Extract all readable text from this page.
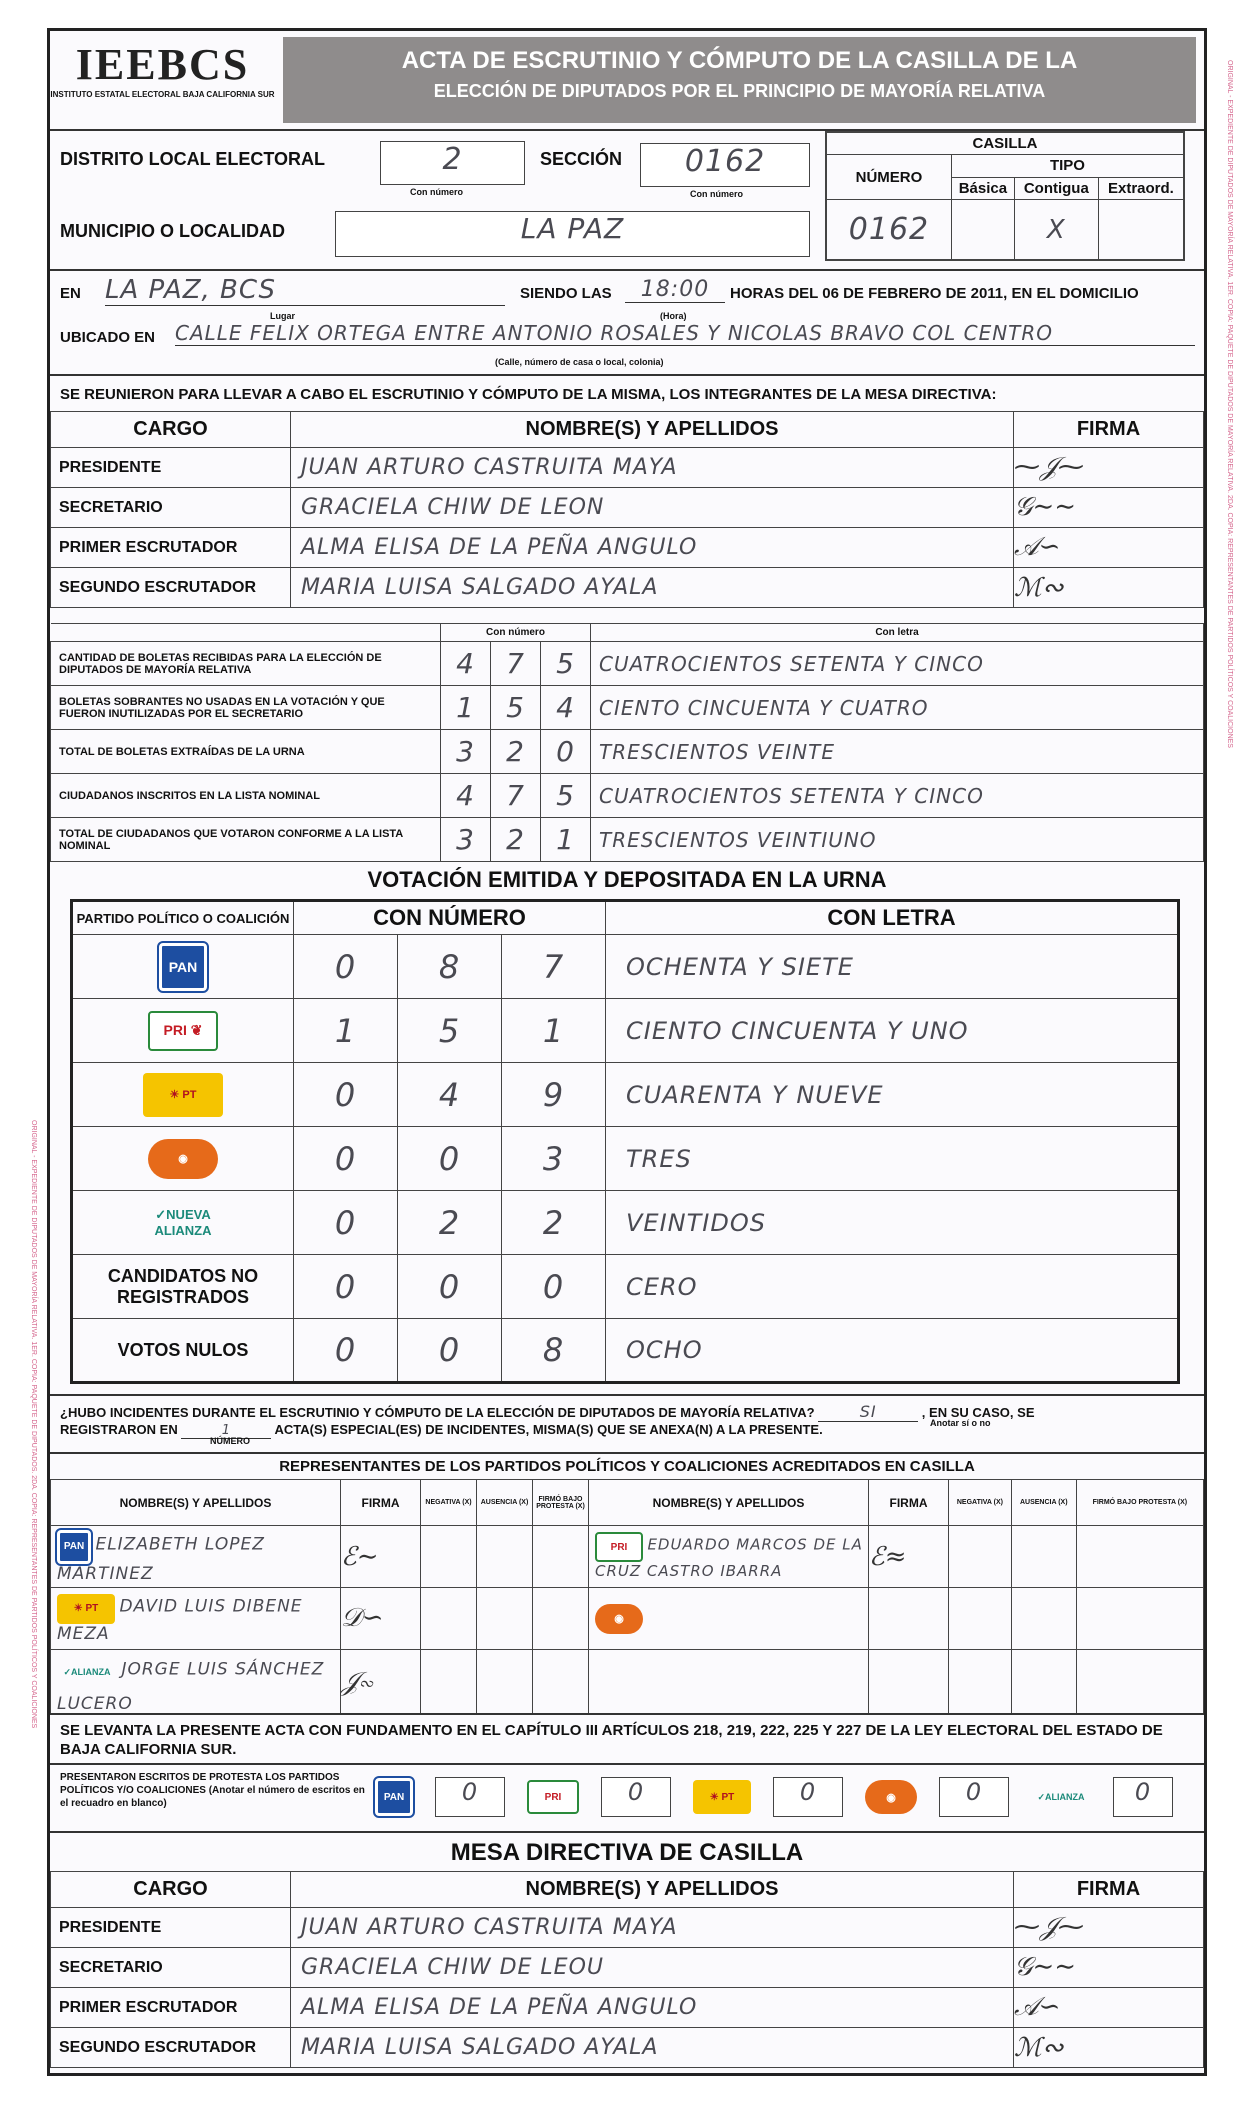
ORIGINAL - EXPEDIENTE DE DIPUTADOS DE MAYORÍA RELATIVA. 1ER. COPIA: PAQUETE DE DIPUTADOS DE MAYORÍA RELATIVA. 2DA. COPIA: REPRESENTANTES DE PARTIDOS POLÍTICOS Y COALICIONES
ORIGINAL - EXPEDIENTE DE DIPUTADOS DE MAYORÍA RELATIVA. 1ER. COPIA: PAQUETE DE DIPUTADOS. 2DA. COPIA: REPRESENTANTES DE PARTIDOS POLÍTICOS Y COALICIONES
IEEBCS
INSTITUTO ESTATAL ELECTORAL BAJA CALIFORNIA SUR
ACTA DE ESCRUTINIO Y CÓMPUTO DE LA CASILLA DE LA
ELECCIÓN DE DIPUTADOS POR EL PRINCIPIO DE MAYORÍA RELATIVA
DISTRITO LOCAL ELECTORAL	2
Con número
SECCIÓN	0162
Con número
MUNICIPIO O LOCALIDAD	LA PAZ
CASILLA			
NÚMERO	TIPO		
	Básica	Contigua	Extraord.
0162		X	
EN LA PAZ, BCS
Lugar
SIENDO LAS	18:00
(Hora)
HORAS DEL 06 DE FEBRERO DE 2011, EN EL DOMICILIO
UBICADO EN CALLE FELIX ORTEGA ENTRE ANTONIO ROSALES Y NICOLAS BRAVO COL CENTRO
(Calle, número de casa o local, colonia)
SE REUNIERON PARA LLEVAR A CABO EL ESCRUTINIO Y CÓMPUTO DE LA MISMA, LOS INTEGRANTES DE LA MESA DIRECTIVA:
CARGO	NOMBRE(S) Y APELLIDOS	FIRMA
PRESIDENTE	JUAN ARTURO CASTRUITA MAYA	⁓𝒥⁓
SECRETARIO	GRACIELA CHIW DE LEON	𝒢∼∼
PRIMER ESCRUTADOR	ALMA ELISA DE LA PEÑA ANGULO	𝒜∽
SEGUNDO ESCRUTADOR	MARIA LUISA SALGADO AYALA	ℳ∾
	Con número			Con letra
CANTIDAD DE BOLETAS RECIBIDAS PARA LA ELECCIÓN DE DIPUTADOS DE MAYORÍA RELATIVA	4	7	5	CUATROCIENTOS SETENTA Y CINCO
BOLETAS SOBRANTES NO USADAS EN LA VOTACIÓN Y QUE FUERON INUTILIZADAS POR EL SECRETARIO	1	5	4	CIENTO CINCUENTA Y CUATRO
TOTAL DE BOLETAS EXTRAÍDAS DE LA URNA	3	2	0	TRESCIENTOS VEINTE
CIUDADANOS INSCRITOS EN LA LISTA NOMINAL	4	7	5	CUATROCIENTOS SETENTA Y CINCO
TOTAL DE CIUDADANOS QUE VOTARON CONFORME A LA LISTA NOMINAL	3	2	1	TRESCIENTOS VEINTIUNO
VOTACIÓN EMITIDA Y DEPOSITADA EN LA URNA
PARTIDO POLÍTICO O COALICIÓN	CON NÚMERO			CON LETRA
PAN	0	8	7	OCHENTA Y SIETE
PRI ❦	1	5	1	CIENTO CINCUENTA Y UNO
☀ PT	0	4	9	CUARENTA Y NUEVE
◉	0	0	3	TRES
✓NUEVA ALIANZA	0	2	2	VEINTIDOS
CANDIDATOS NO REGISTRADOS	0	0	0	CERO
VOTOS NULOS	0	0	8	OCHO
¿HUBO INCIDENTES DURANTE EL ESCRUTINIO Y CÓMPUTO DE LA ELECCIÓN DE DIPUTADOS DE MAYORÍA RELATIVA?	SI	, EN SU CASO, SE
REGISTRARON EN	1	ACTA(S) ESPECIAL(ES) DE INCIDENTES, MISMA(S) QUE SE ANEXA(N) A LA PRESENTE.	Anotar sí o no
NÚMERO
REPRESENTANTES DE LOS PARTIDOS POLÍTICOS Y COALICIONES ACREDITADOS EN CASILLA
NOMBRE(S) Y APELLIDOS	FIRMA	NEGATIVA (X)	AUSENCIA (X)	FIRMÓ BAJO PROTESTA (X)	NOMBRE(S) Y APELLIDOS	FIRMA	NEGATIVA (X)	AUSENCIA (X)	FIRMÓ BAJO PROTESTA (X)
PAN ELIZABETH LOPEZ MARTINEZ	ℰ∼				PRI EDUARDO MARCOS DE LA CRUZ CASTRO IBARRA	ℰ≈			
☀ PT DAVID LUIS DIBENE MEZA	𝒟∽				◉				
✓ALIANZA JORGE LUIS SÁNCHEZ LUCERO	𝒥∾								
SE LEVANTA LA PRESENTE ACTA CON FUNDAMENTO EN EL CAPÍTULO III ARTÍCULOS 218, 219, 222, 225 Y 227 DE LA LEY ELECTORAL DEL ESTADO DE BAJA CALIFORNIA SUR.
PRESENTARON ESCRITOS DE PROTESTA LOS PARTIDOS POLÍTICOS Y/O COALICIONES (Anotar el número de escritos en el recuadro en blanco)
PAN	0	PRI	0	☀ PT	0	◉	0	✓ALIANZA	0
MESA DIRECTIVA DE CASILLA
CARGO	NOMBRE(S) Y APELLIDOS	FIRMA
PRESIDENTE	JUAN ARTURO CASTRUITA MAYA	⁓𝒥⁓
SECRETARIO	GRACIELA CHIW DE LEOU	𝒢∼∼
PRIMER ESCRUTADOR	ALMA ELISA DE LA PEÑA ANGULO	𝒜∽
SEGUNDO ESCRUTADOR	MARIA LUISA SALGADO AYALA	ℳ∾
